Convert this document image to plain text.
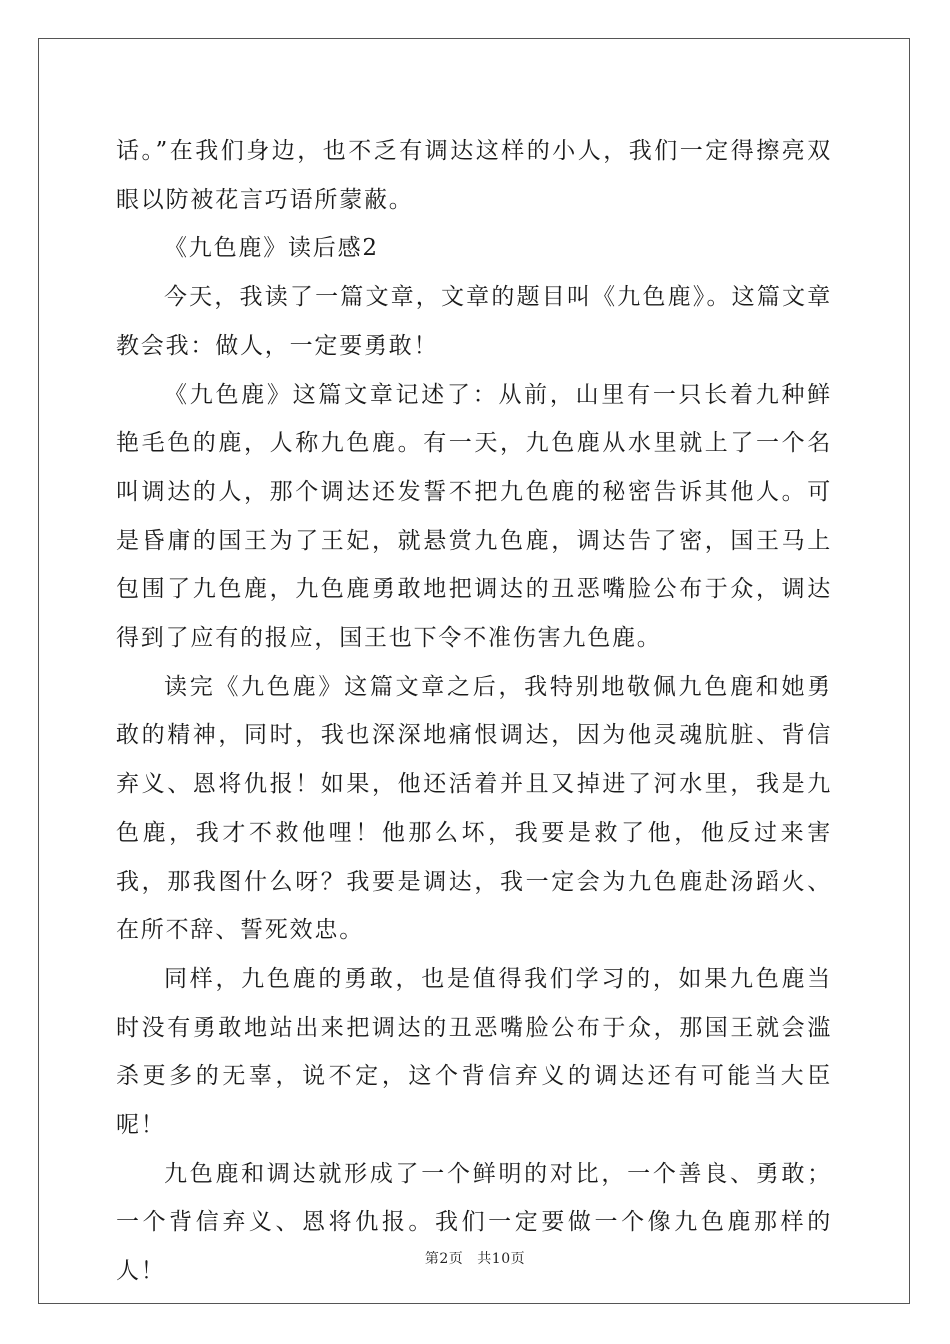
话。”在我们身边，也不乏有调达这样的小人，我们一定得擦亮双眼以防被花言巧语所蒙蔽。

《九色鹿》读后感2

今天，我读了一篇文章，文章的题目叫《九色鹿》。这篇文章教会我：做人，一定要勇敢！

《九色鹿》这篇文章记述了：从前，山里有一只长着九种鲜艳毛色的鹿，人称九色鹿。有一天，九色鹿从水里就上了一个名叫调达的人，那个调达还发誓不把九色鹿的秘密告诉其他人。可是昏庸的国王为了王妃，就悬赏九色鹿，调达告了密，国王马上包围了九色鹿，九色鹿勇敢地把调达的丑恶嘴脸公布于众，调达得到了应有的报应，国王也下令不准伤害九色鹿。

读完《九色鹿》这篇文章之后，我特别地敬佩九色鹿和她勇敢的精神，同时，我也深深地痛恨调达，因为他灵魂肮脏、背信弃义、恩将仇报！如果，他还活着并且又掉进了河水里，我是九色鹿，我才不救他哩！他那么坏，我要是救了他，他反过来害我，那我图什么呀？我要是调达，我一定会为九色鹿赴汤蹈火、在所不辞、誓死效忠。

同样，九色鹿的勇敢，也是值得我们学习的，如果九色鹿当时没有勇敢地站出来把调达的丑恶嘴脸公布于众，那国王就会滥杀更多的无辜，说不定，这个背信弃义的调达还有可能当大臣呢！

九色鹿和调达就形成了一个鲜明的对比，一个善良、勇敢；一个背信弃义、恩将仇报。我们一定要做一个像九色鹿那样的人！	第2页 共10页
